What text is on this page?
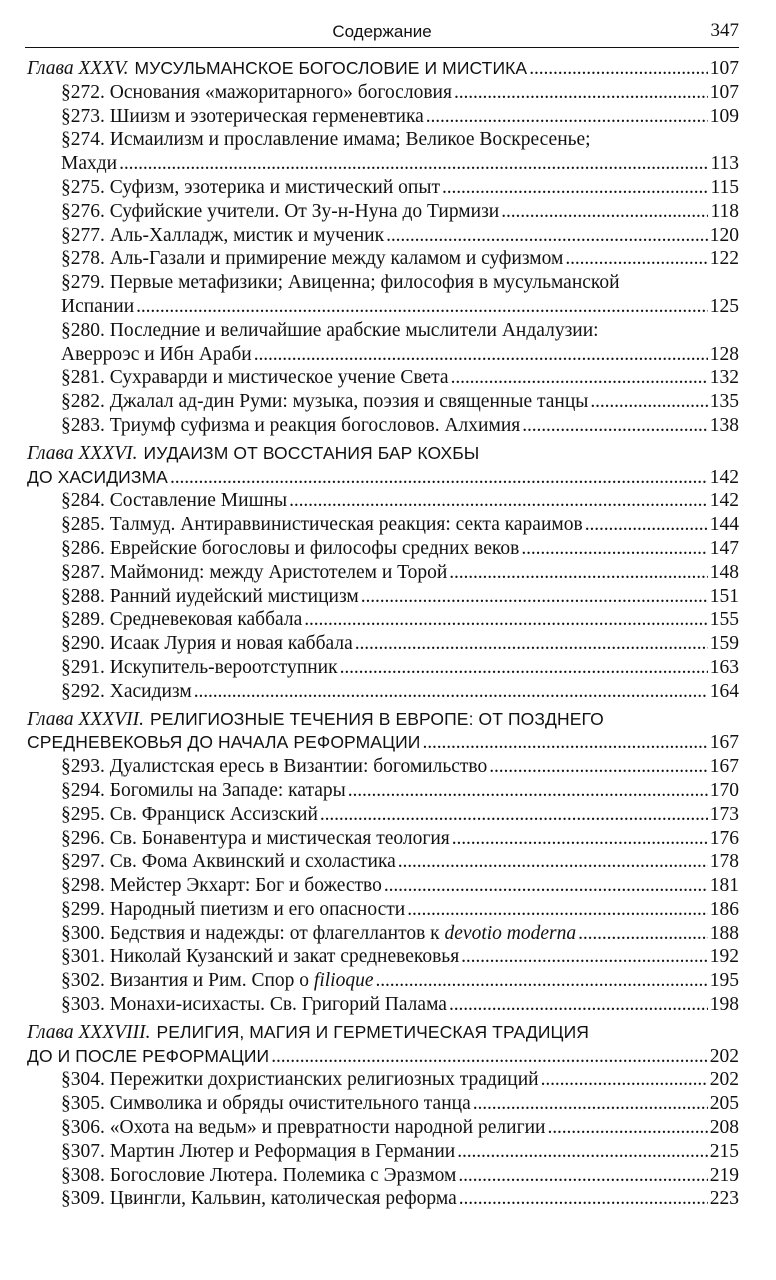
Содержание	347
Глава XXXV. МУСУЛЬМАНСКОЕ БОГОСЛОВИЕ И МИСТИКА . . .	107
§272. Основания «мажоритарного» богословия . . .	107
§273. Шиизм и эзотерическая герменевтика . . .	109
§274. Исмаилизм и прославление имама; Великое Воскресенье;
Махди . . .	113
§275. Суфизм, эзотерика и мистический опыт . . .	115
§276. Суфийские учители. От Зу-н-Нуна до Тирмизи . . .	118
§277. Аль-Халладж, мистик и мученик . . .	120
§278. Аль-Газали и примирение между каламом и суфизмом . . .	122
§279. Первые метафизики; Авиценна; философия в мусульманской
Испании . . .	125
§280. Последние и величайшие арабские мыслители Андалузии:
Аверроэс и Ибн Араби . . .	128
§281. Сухраварди и мистическое учение Света . . .	132
§282. Джалал ад-дин Руми: музыка, поэзия и священные танцы . . .	135
§283. Триумф суфизма и реакция богословов. Алхимия . . .	138
Глава XXXVI. ИУДАИЗМ ОТ ВОССТАНИЯ БАР КОХБЫ
ДО ХАСИДИЗМА . . .	142
§284. Составление Мишны . . .	142
§285. Талмуд. Антираввинистическая реакция: секта караимов . . .	144
§286. Еврейские богословы и философы средних веков . . .	147
§287. Маймонид: между Аристотелем и Торой . . .	148
§288. Ранний иудейский мистицизм . . .	151
§289. Средневековая каббала . . .	155
§290. Исаак Лурия и новая каббала . . .	159
§291. Искупитель-вероотступник . . .	163
§292. Хасидизм . . .	164
Глава XXXVII. РЕЛИГИОЗНЫЕ ТЕЧЕНИЯ В ЕВРОПЕ: ОТ ПОЗДНЕГО
СРЕДНЕВЕКОВЬЯ ДО НАЧАЛА РЕФОРМАЦИИ . . .	167
§293. Дуалистская ересь в Византии: богомильство . . .	167
§294. Богомилы на Западе: катары . . .	170
§295. Св. Франциск Ассизский . . .	173
§296. Св. Бонавентура и мистическая теология . . .	176
§297. Св. Фома Аквинский и схоластика . . .	178
§298. Мейстер Экхарт: Бог и божество . . .	181
§299. Народный пиетизм и его опасности . . .	186
§300. Бедствия и надежды: от флагеллантов к devotio moderna . . .	188
§301. Николай Кузанский и закат средневековья . . .	192
§302. Византия и Рим. Спор о filioque . . .	195
§303. Монахи-исихасты. Св. Григорий Палама . . .	198
Глава XXXVIII. РЕЛИГИЯ, МАГИЯ И ГЕРМЕТИЧЕСКАЯ ТРАДИЦИЯ
ДО И ПОСЛЕ РЕФОРМАЦИИ . . .	202
§304. Пережитки дохристианских религиозных традиций . . .	202
§305. Символика и обряды очистительного танца . . .	205
§306. «Охота на ведьм» и превратности народной религии . . .	208
§307. Мартин Лютер и Реформация в Германии . . .	215
§308. Богословие Лютера. Полемика с Эразмом . . .	219
§309. Цвингли, Кальвин, католическая реформа . . .	223
